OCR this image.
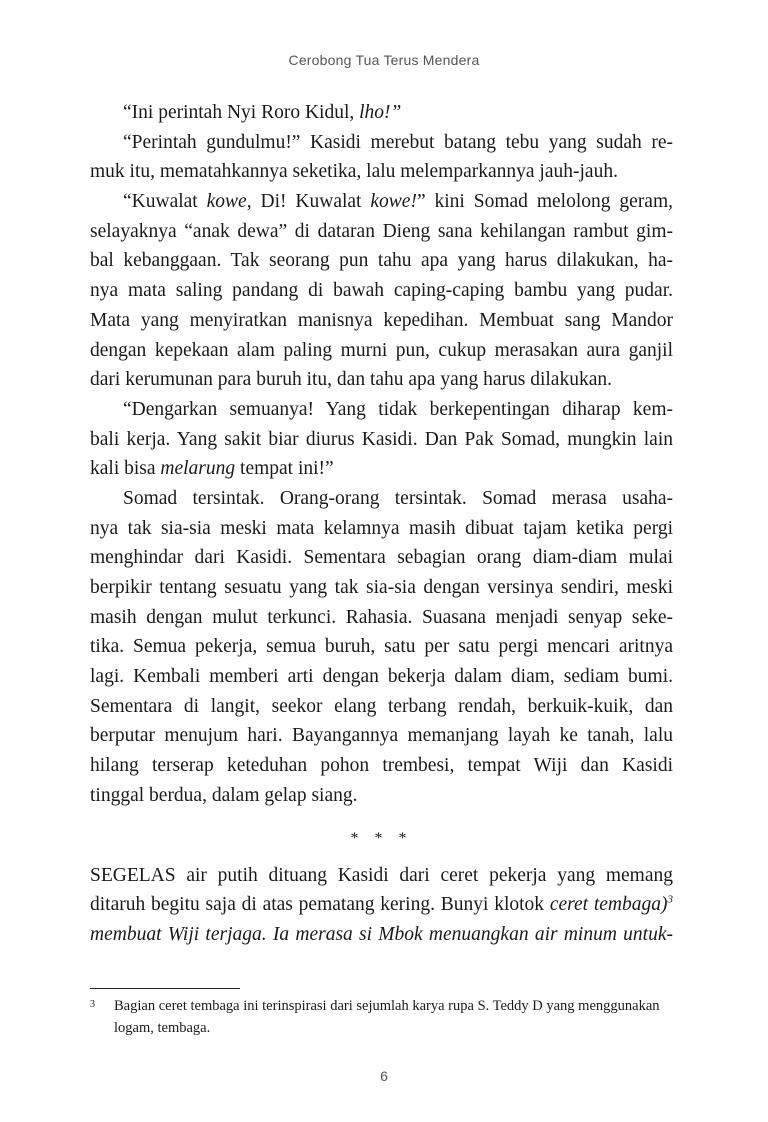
Cerobong Tua Terus Mendera
“Ini perintah Nyi Roro Kidul, lho!”
“Perintah gundulmu!” Kasidi merebut batang tebu yang sudah re-
muk itu, mematahkannya seketika, lalu melemparkannya jauh-jauh.
“Kuwalat kowe, Di! Kuwalat kowe!” kini Somad melolong geram,
selayaknya “anak dewa” di dataran Dieng sana kehilangan rambut gim-
bal kebanggaan. Tak seorang pun tahu apa yang harus dilakukan, ha-
nya mata saling pandang di bawah caping-caping bambu yang pudar.
Mata yang menyiratkan manisnya kepedihan. Membuat sang Mandor
dengan kepekaan alam paling murni pun, cukup merasakan aura ganjil
dari kerumunan para buruh itu, dan tahu apa yang harus dilakukan.
“Dengarkan semuanya! Yang tidak berkepentingan diharap kem-
bali kerja. Yang sakit biar diurus Kasidi. Dan Pak Somad, mungkin lain
kali bisa melarung tempat ini!”
Somad tersintak. Orang-orang tersintak. Somad merasa usaha-
nya tak sia-sia meski mata kelamnya masih dibuat tajam ketika pergi
menghindar dari Kasidi. Sementara sebagian orang diam-diam mulai
berpikir tentang sesuatu yang tak sia-sia dengan versinya sendiri, meski
masih dengan mulut terkunci. Rahasia. Suasana menjadi senyap seke-
tika. Semua pekerja, semua buruh, satu per satu pergi mencari aritnya
lagi. Kembali memberi arti dengan bekerja dalam diam, sediam bumi.
Sementara di langit, seekor elang terbang rendah, berkuik-kuik, dan
berputar menujum hari. Bayangannya memanjang layah ke tanah, lalu
hilang terserap keteduhan pohon trembesi, tempat Wiji dan Kasidi
tinggal berdua, dalam gelap siang.
* * *
SEGELAS air putih dituang Kasidi dari ceret pekerja yang memang
ditaruh begitu saja di atas pematang kering. Bunyi klotok ceret tembaga)$^3$
membuat Wiji terjaga. Ia merasa si Mbok menuangkan air minum untuk-
3 Bagian ceret tembaga ini terinspirasi dari sejumlah karya rupa S. Teddy D yang menggunakan
logam, tembaga.
6
